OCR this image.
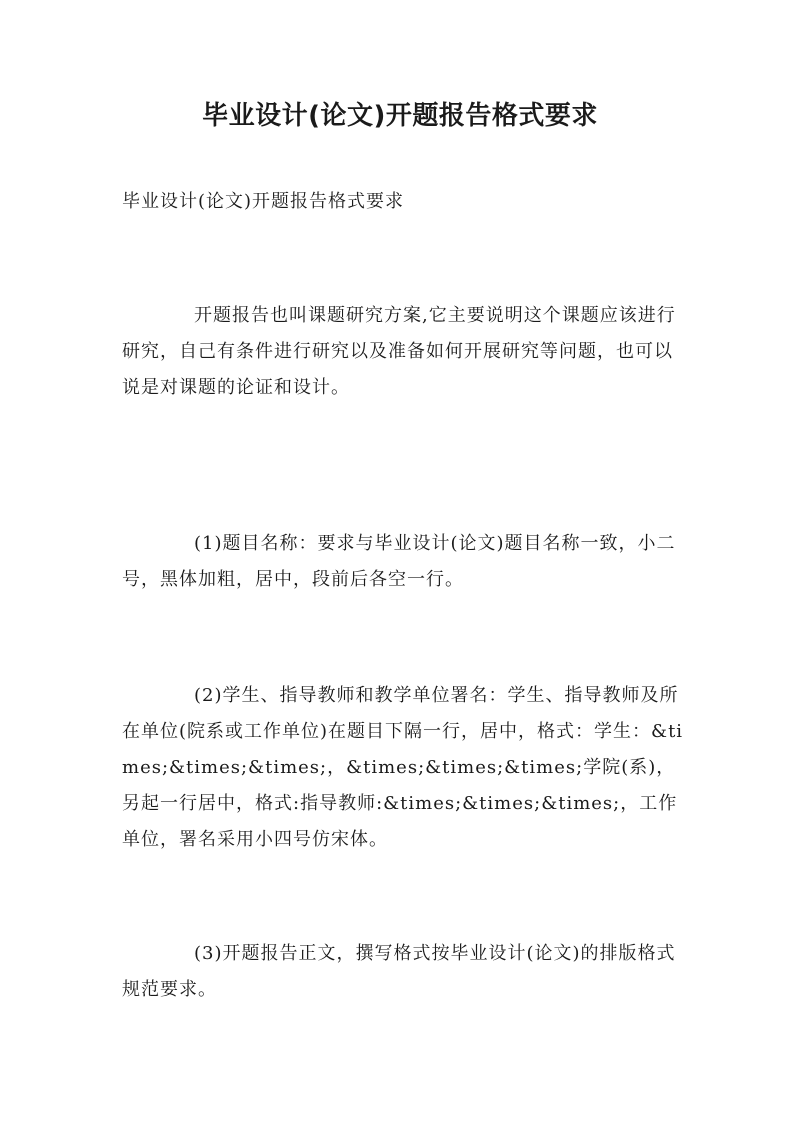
毕业设计(论文)开题报告格式要求

毕业设计(论文)开题报告格式要求

开题报告也叫课题研究方案,它主要说明这个课题应该进行研究，自己有条件进行研究以及准备如何开展研究等问题，也可以说是对课题的论证和设计。

(1)题目名称：要求与毕业设计(论文)题目名称一致，小二号，黑体加粗，居中，段前后各空一行。

(2)学生、指导教师和教学单位署名：学生、指导教师及所在单位(院系或工作单位)在题目下隔一行，居中，格式：学生：&times;&times;&times;，&times;&times;&times;学院(系)，另起一行居中，格式:指导教师:&times;&times;&times;，工作单位，署名采用小四号仿宋体。

(3)开题报告正文，撰写格式按毕业设计(论文)的排版格式规范要求。
